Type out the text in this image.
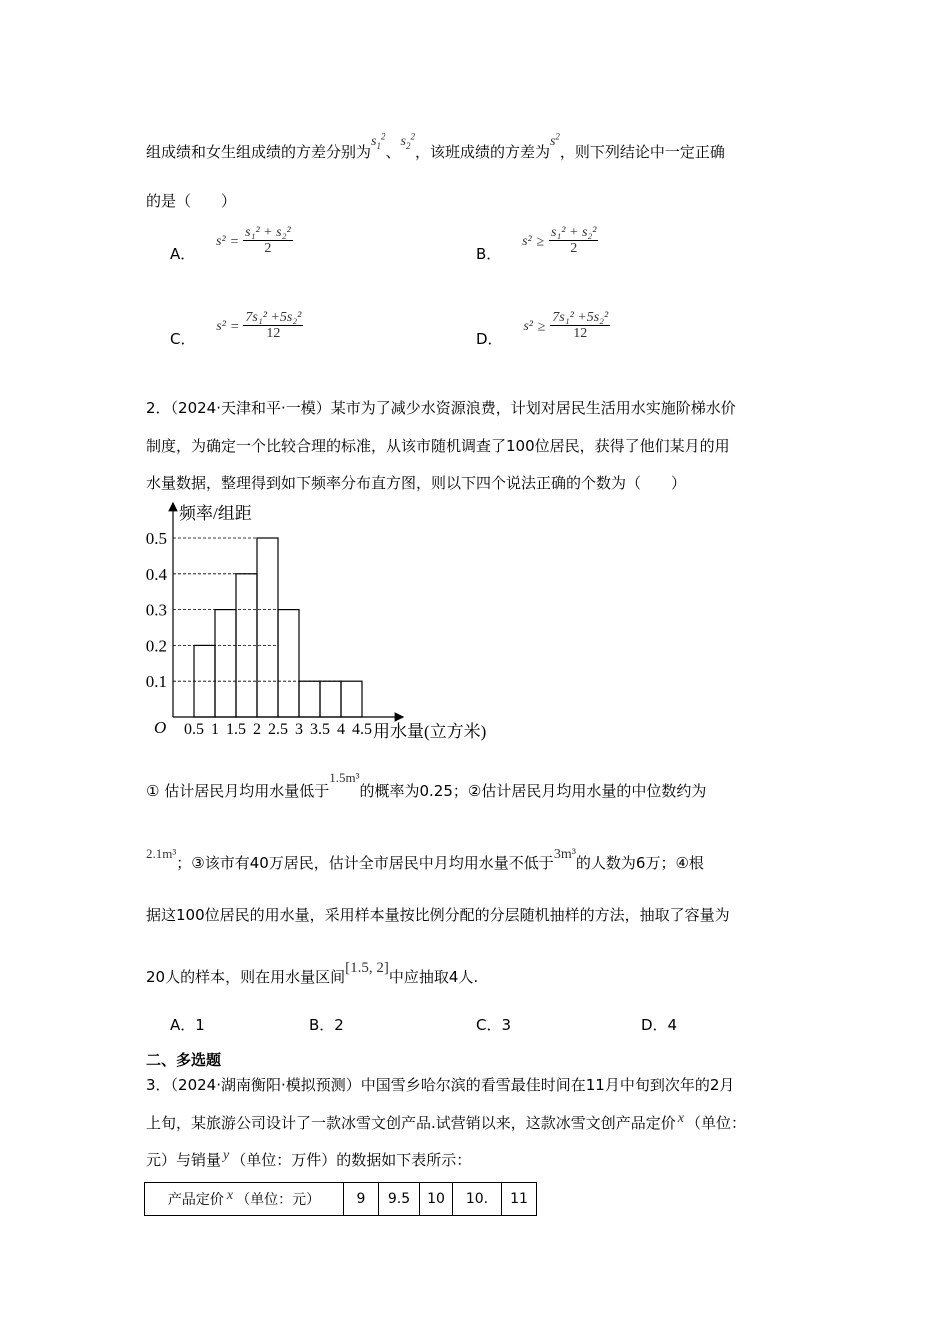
组成绩和女生组成绩的方差分别为$s_1^2$、$s_2^2$，该班成绩的方差为$s^2$，则下列结论中一定正确
的是（　　）
A． $s^2 = \frac{\text{s₁² + s₂²}}{2}$	B． $s^2 \ge \frac{\text{s₁² + s₂²}}{2}$
C． $s^2 = \frac{\text{7s₁² +5s₂²}}{12}$	D． $s^2 \ge \frac{\text{7s₁² +5s₂²}}{12}$
2．（2024·天津和平·一模）某市为了减少水资源浪费，计划对居民生活用水实施阶梯水价
制度，为确定一个比较合理的标准，从该市随机调查了100位居民，获得了他们某月的用
水量数据，整理得到如下频率分布直方图，则以下四个说法正确的个数为（　　）
频率/组距
用水量(立方米)
O 0.5 1 1.5 2 2.5 3 3.5 4 4.5
0.1
0.2
0.3
0.4
0.5
① 估计居民月均用水量低于1.5m³的概率为0.25；②估计居民月均用水量的中位数约为
2.1m³；③该市有40万居民，估计全市居民中月均用水量不低于3m³的人数为6万；④根
据这100位居民的用水量，采用样本量按比例分配的分层随机抽样的方法，抽取了容量为
20人的样本，则在用水量区间[1.5, 2]中应抽取4人.
A．1	B．2	C．3	D．4
二、多选题
3．（2024·湖南衡阳·模拟预测）中国雪乡哈尔滨的看雪最佳时间在11月中旬到次年的2月
上旬，某旅游公司设计了一款冰雪文创产品.试营销以来，这款冰雪文创产品定价 x （单位：
元）与销量 y （单位：万件）的数据如下表所示：
产品定价 x （单位：元）	9	9.5	10	10.	11
